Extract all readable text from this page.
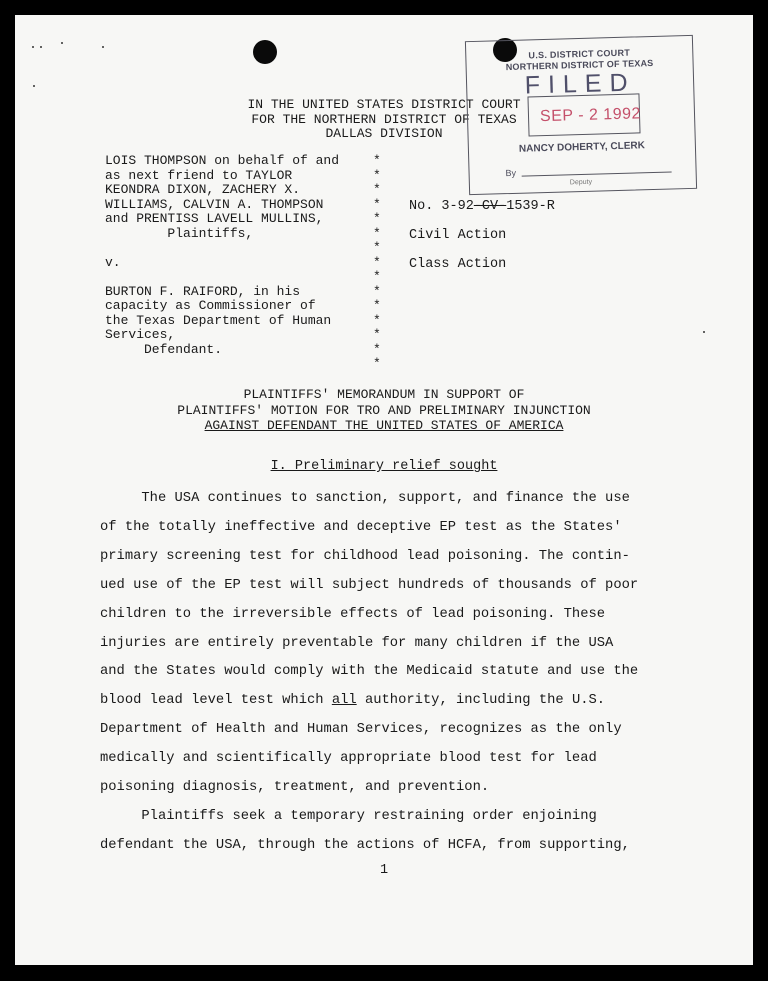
IN THE UNITED STATES DISTRICT COURT
FOR THE NORTHERN DISTRICT OF TEXAS
DALLAS DIVISION
LOIS THOMPSON on behalf of and
as next friend to TAYLOR
KEONDRA DIXON, ZACHERY X.
WILLIAMS, CALVIN A. THOMPSON
and PRENTISS LAVELL MULLINS,
Plaintiffs,
v.
BURTON F. RAIFORD, in his
capacity as Commissioner of
the Texas Department of Human
Services,
Defendant.
*
*
*
*
*
*
*
*
*
*
*
*
*
*
*
No. 3-92-CV-1539-R
Civil Action
Class Action
U.S. DISTRICT COURT
NORTHERN DISTRICT OF TEXAS
FILED
SEP - 2 1992
NANCY DOHERTY, CLERK
By
Deputy
PLAINTIFFS' MEMORANDUM IN SUPPORT OF
PLAINTIFFS' MOTION FOR TRO AND PRELIMINARY INJUNCTION
AGAINST DEFENDANT THE UNITED STATES OF AMERICA
I. Preliminary relief sought
The USA continues to sanction, support, and finance the use
of the totally ineffective and deceptive EP test as the States'
primary screening test for childhood lead poisoning. The contin-
ued use of the EP test will subject hundreds of thousands of poor
children to the irreversible effects of lead poisoning. These
injuries are entirely preventable for many children if the USA
and the States would comply with the Medicaid statute and use the
blood lead level test which all authority, including the U.S.
Department of Health and Human Services, recognizes as the only
medically and scientifically appropriate blood test for lead
poisoning diagnosis, treatment, and prevention.
Plaintiffs seek a temporary restraining order enjoining
defendant the USA, through the actions of HCFA, from supporting,
1
